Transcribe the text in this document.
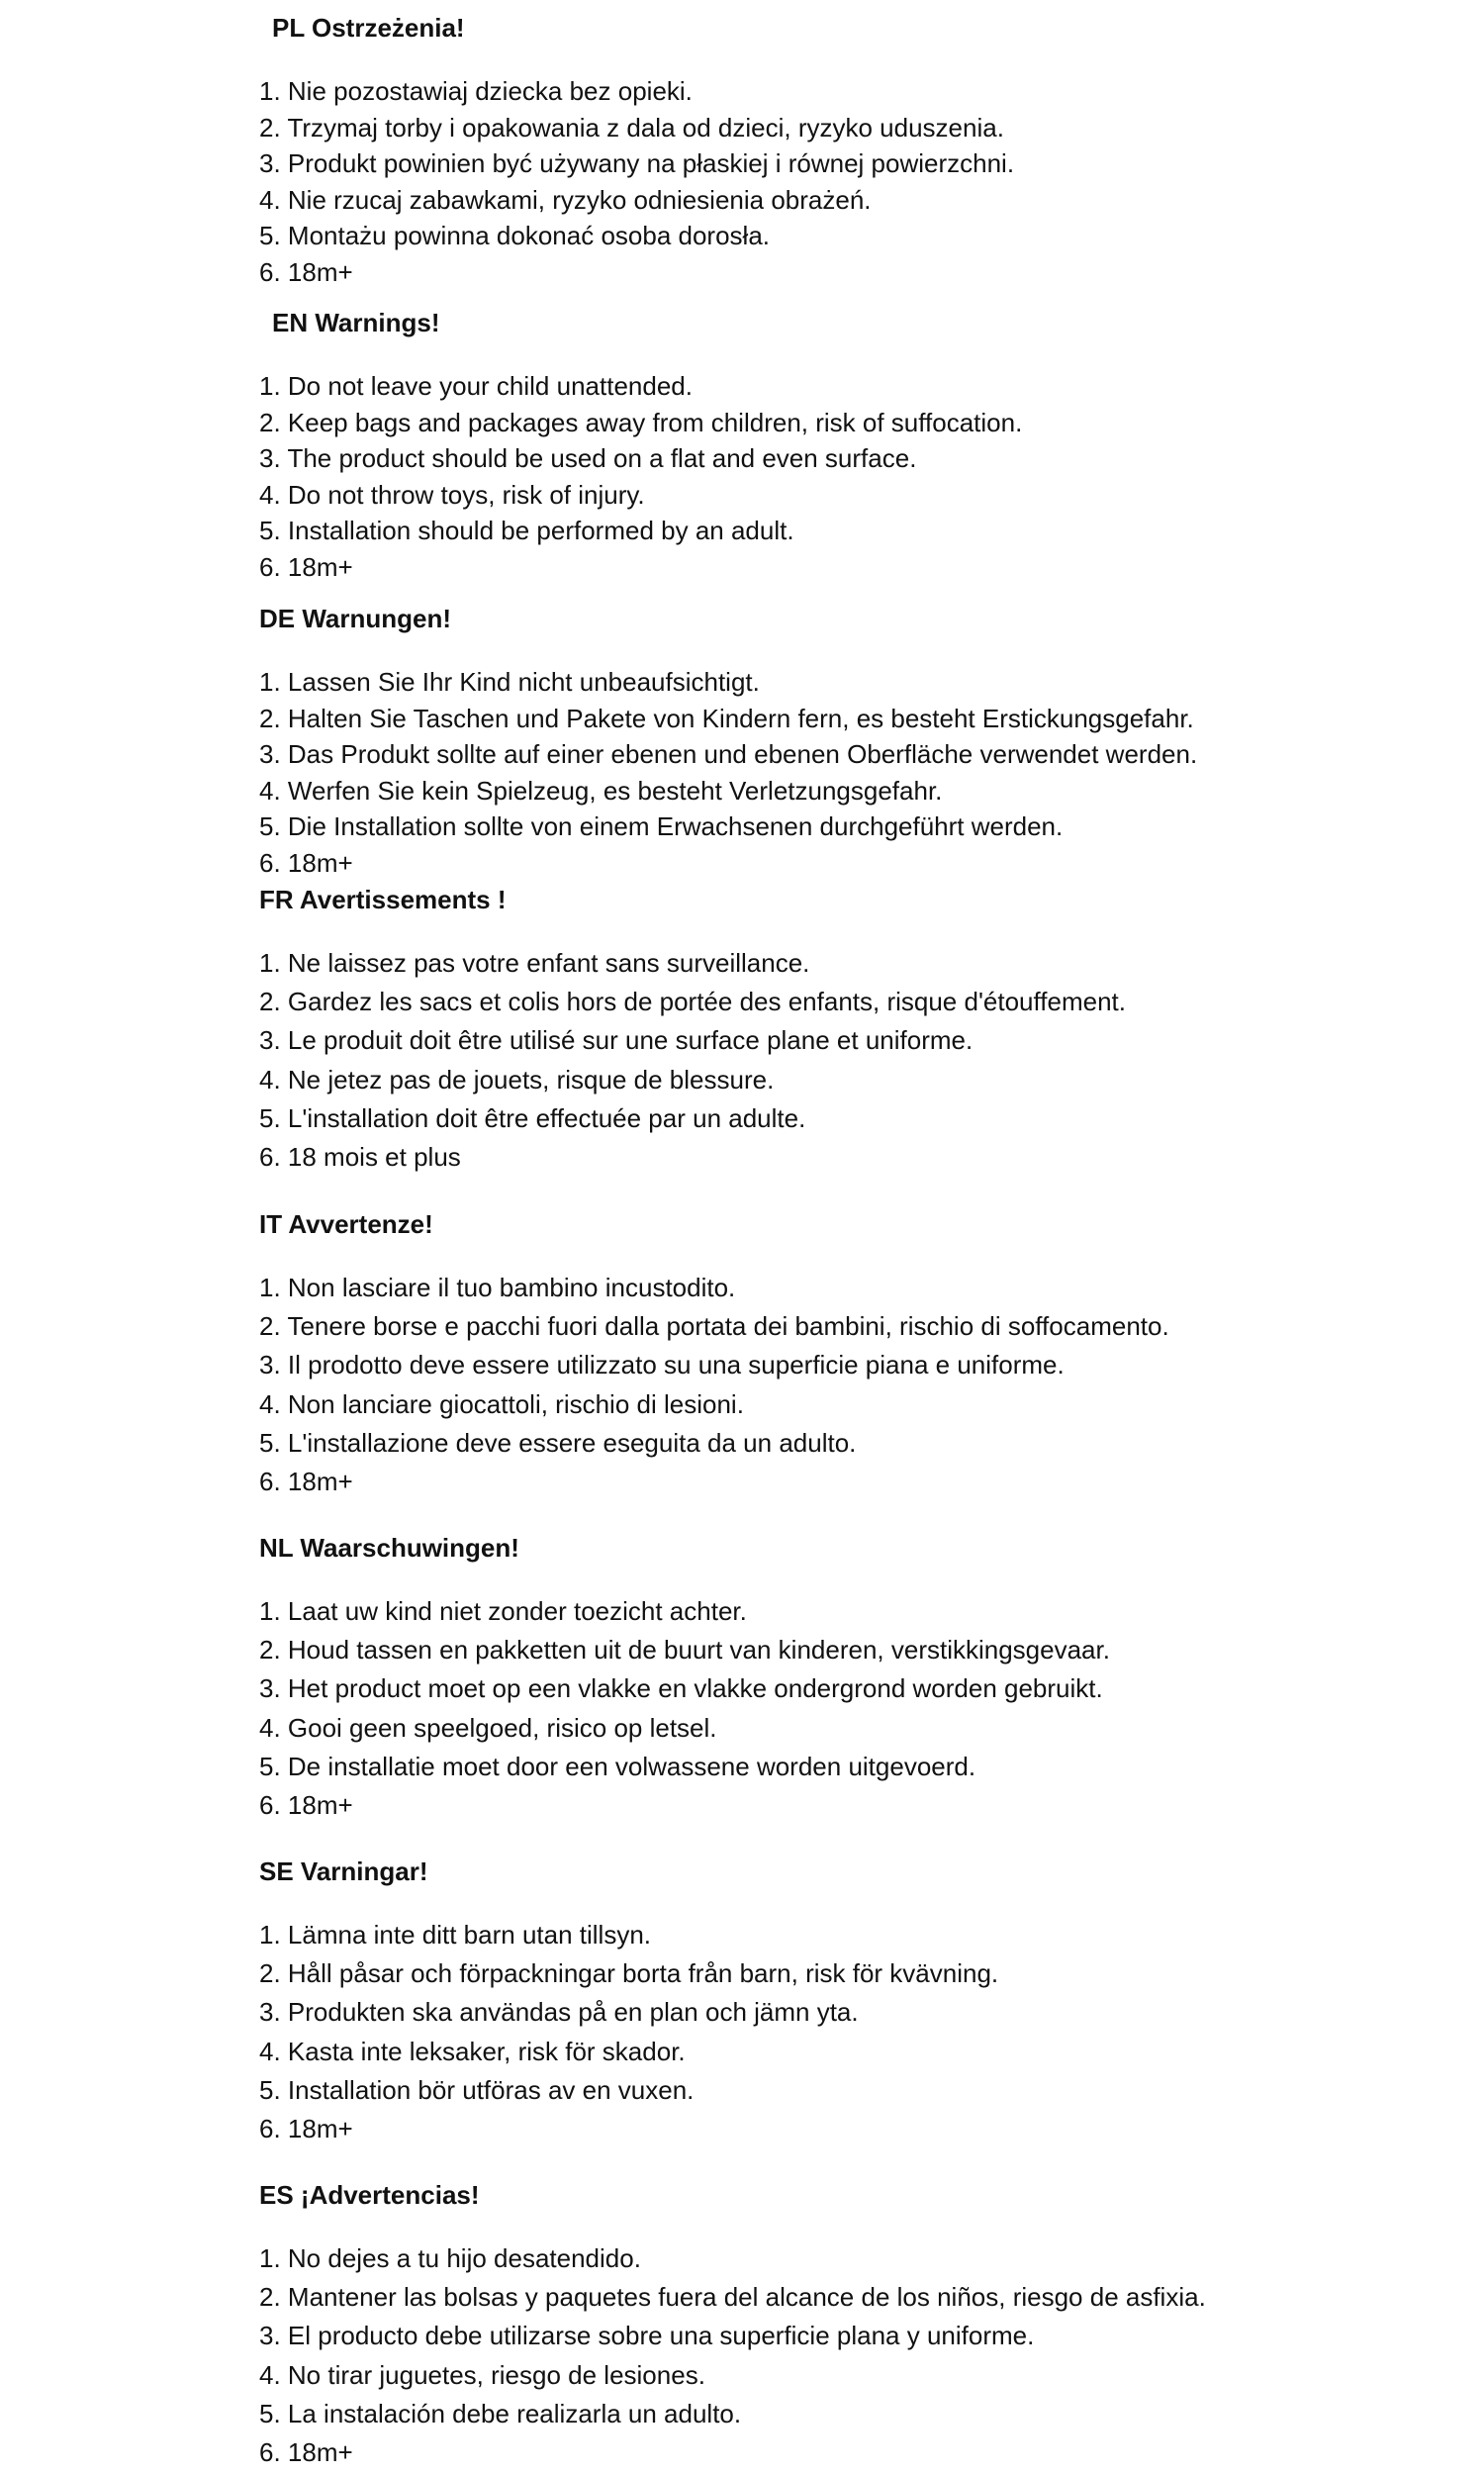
PL Ostrzeżenia!
1. Nie pozostawiaj dziecka bez opieki.
2. Trzymaj torby i opakowania z dala od dzieci, ryzyko uduszenia.
3. Produkt powinien być używany na płaskiej i równej powierzchni.
4. Nie rzucaj zabawkami, ryzyko odniesienia obrażeń.
5. Montażu powinna dokonać osoba dorosła.
6. 18m+
EN Warnings!
1. Do not leave your child unattended.
2. Keep bags and packages away from children, risk of suffocation.
3. The product should be used on a flat and even surface.
4. Do not throw toys, risk of injury.
5. Installation should be performed by an adult.
6. 18m+
DE Warnungen!
1. Lassen Sie Ihr Kind nicht unbeaufsichtigt.
2. Halten Sie Taschen und Pakete von Kindern fern, es besteht Erstickungsgefahr.
3. Das Produkt sollte auf einer ebenen und ebenen Oberfläche verwendet werden.
4. Werfen Sie kein Spielzeug, es besteht Verletzungsgefahr.
5. Die Installation sollte von einem Erwachsenen durchgeführt werden.
6. 18m+
FR Avertissements !
1. Ne laissez pas votre enfant sans surveillance.
2. Gardez les sacs et colis hors de portée des enfants, risque d'étouffement.
3. Le produit doit être utilisé sur une surface plane et uniforme.
4. Ne jetez pas de jouets, risque de blessure.
5. L'installation doit être effectuée par un adulte.
6. 18 mois et plus
IT Avvertenze!
1. Non lasciare il tuo bambino incustodito.
2. Tenere borse e pacchi fuori dalla portata dei bambini, rischio di soffocamento.
3. Il prodotto deve essere utilizzato su una superficie piana e uniforme.
4. Non lanciare giocattoli, rischio di lesioni.
5. L'installazione deve essere eseguita da un adulto.
6. 18m+
NL Waarschuwingen!
1. Laat uw kind niet zonder toezicht achter.
2. Houd tassen en pakketten uit de buurt van kinderen, verstikkingsgevaar.
3. Het product moet op een vlakke en vlakke ondergrond worden gebruikt.
4. Gooi geen speelgoed, risico op letsel.
5. De installatie moet door een volwassene worden uitgevoerd.
6. 18m+
SE Varningar!
1. Lämna inte ditt barn utan tillsyn.
2. Håll påsar och förpackningar borta från barn, risk för kvävning.
3. Produkten ska användas på en plan och jämn yta.
4. Kasta inte leksaker, risk för skador.
5. Installation bör utföras av en vuxen.
6. 18m+
ES ¡Advertencias!
1. No dejes a tu hijo desatendido.
2. Mantener las bolsas y paquetes fuera del alcance de los niños, riesgo de asfixia.
3. El producto debe utilizarse sobre una superficie plana y uniforme.
4. No tirar juguetes, riesgo de lesiones.
5. La instalación debe realizarla un adulto.
6. 18m+
